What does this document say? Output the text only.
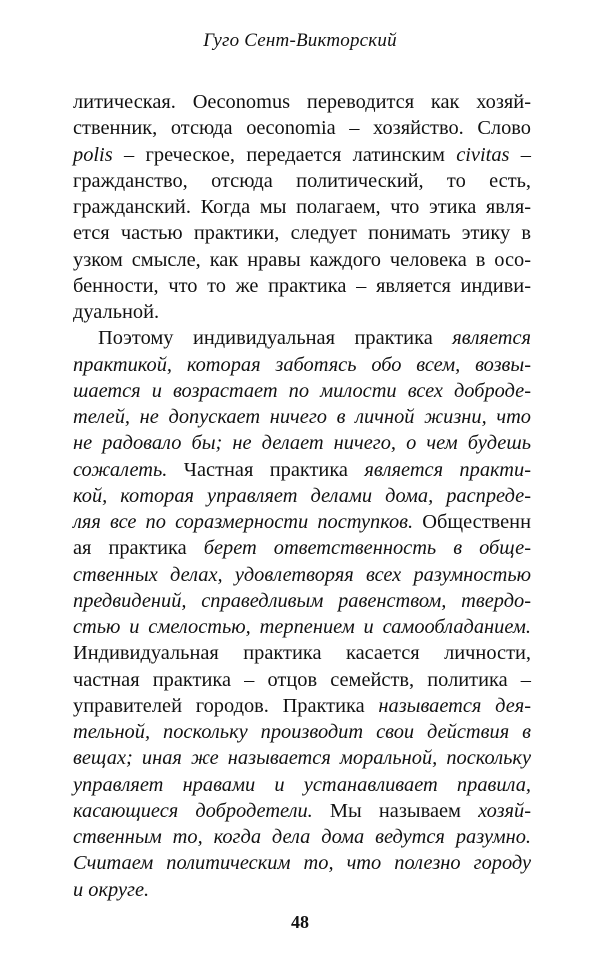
Гуго Сент-Викторский
литическая. Oeconomus переводится как хозяй-
ственник, отсюда oeconomia – хозяйство. Слово
polis – греческое, передается латинским civitas –
гражданство, отсюда политический, то есть,
гражданский. Когда мы полагаем, что этика явля-
ется частью практики, следует понимать этику в
узком смысле, как нравы каждого человека в осо-
бенности, что то же практика – является индиви-
дуальной.
Поэтому индивидуальная практика является
практикой, которая заботясь обо всем, возвы-
шается и возрастает по милости всех доброде-
телей, не допускает ничего в личной жизни, что
не радовало бы; не делает ничего, о чем будешь
сожалеть. Частная практика является практи-
кой, которая управляет делами дома, распреде-
ляя все по соразмерности поступков. Общественн
ая практика берет ответственность в обще-
ственных делах, удовлетворяя всех разумностью
предвидений, справедливым равенством, твердо-
стью и смелостью, терпением и самообладанием.
Индивидуальная практика касается личности,
частная практика – отцов семейств, политика –
управителей городов. Практика называется дея-
тельной, поскольку производит свои действия в
вещах; иная же называется моральной, поскольку
управляет нравами и устанавливает правила,
касающиеся добродетели. Мы называем хозяй-
ственным то, когда дела дома ведутся разумно.
Считаем политическим то, что полезно городу
и округе.
48
